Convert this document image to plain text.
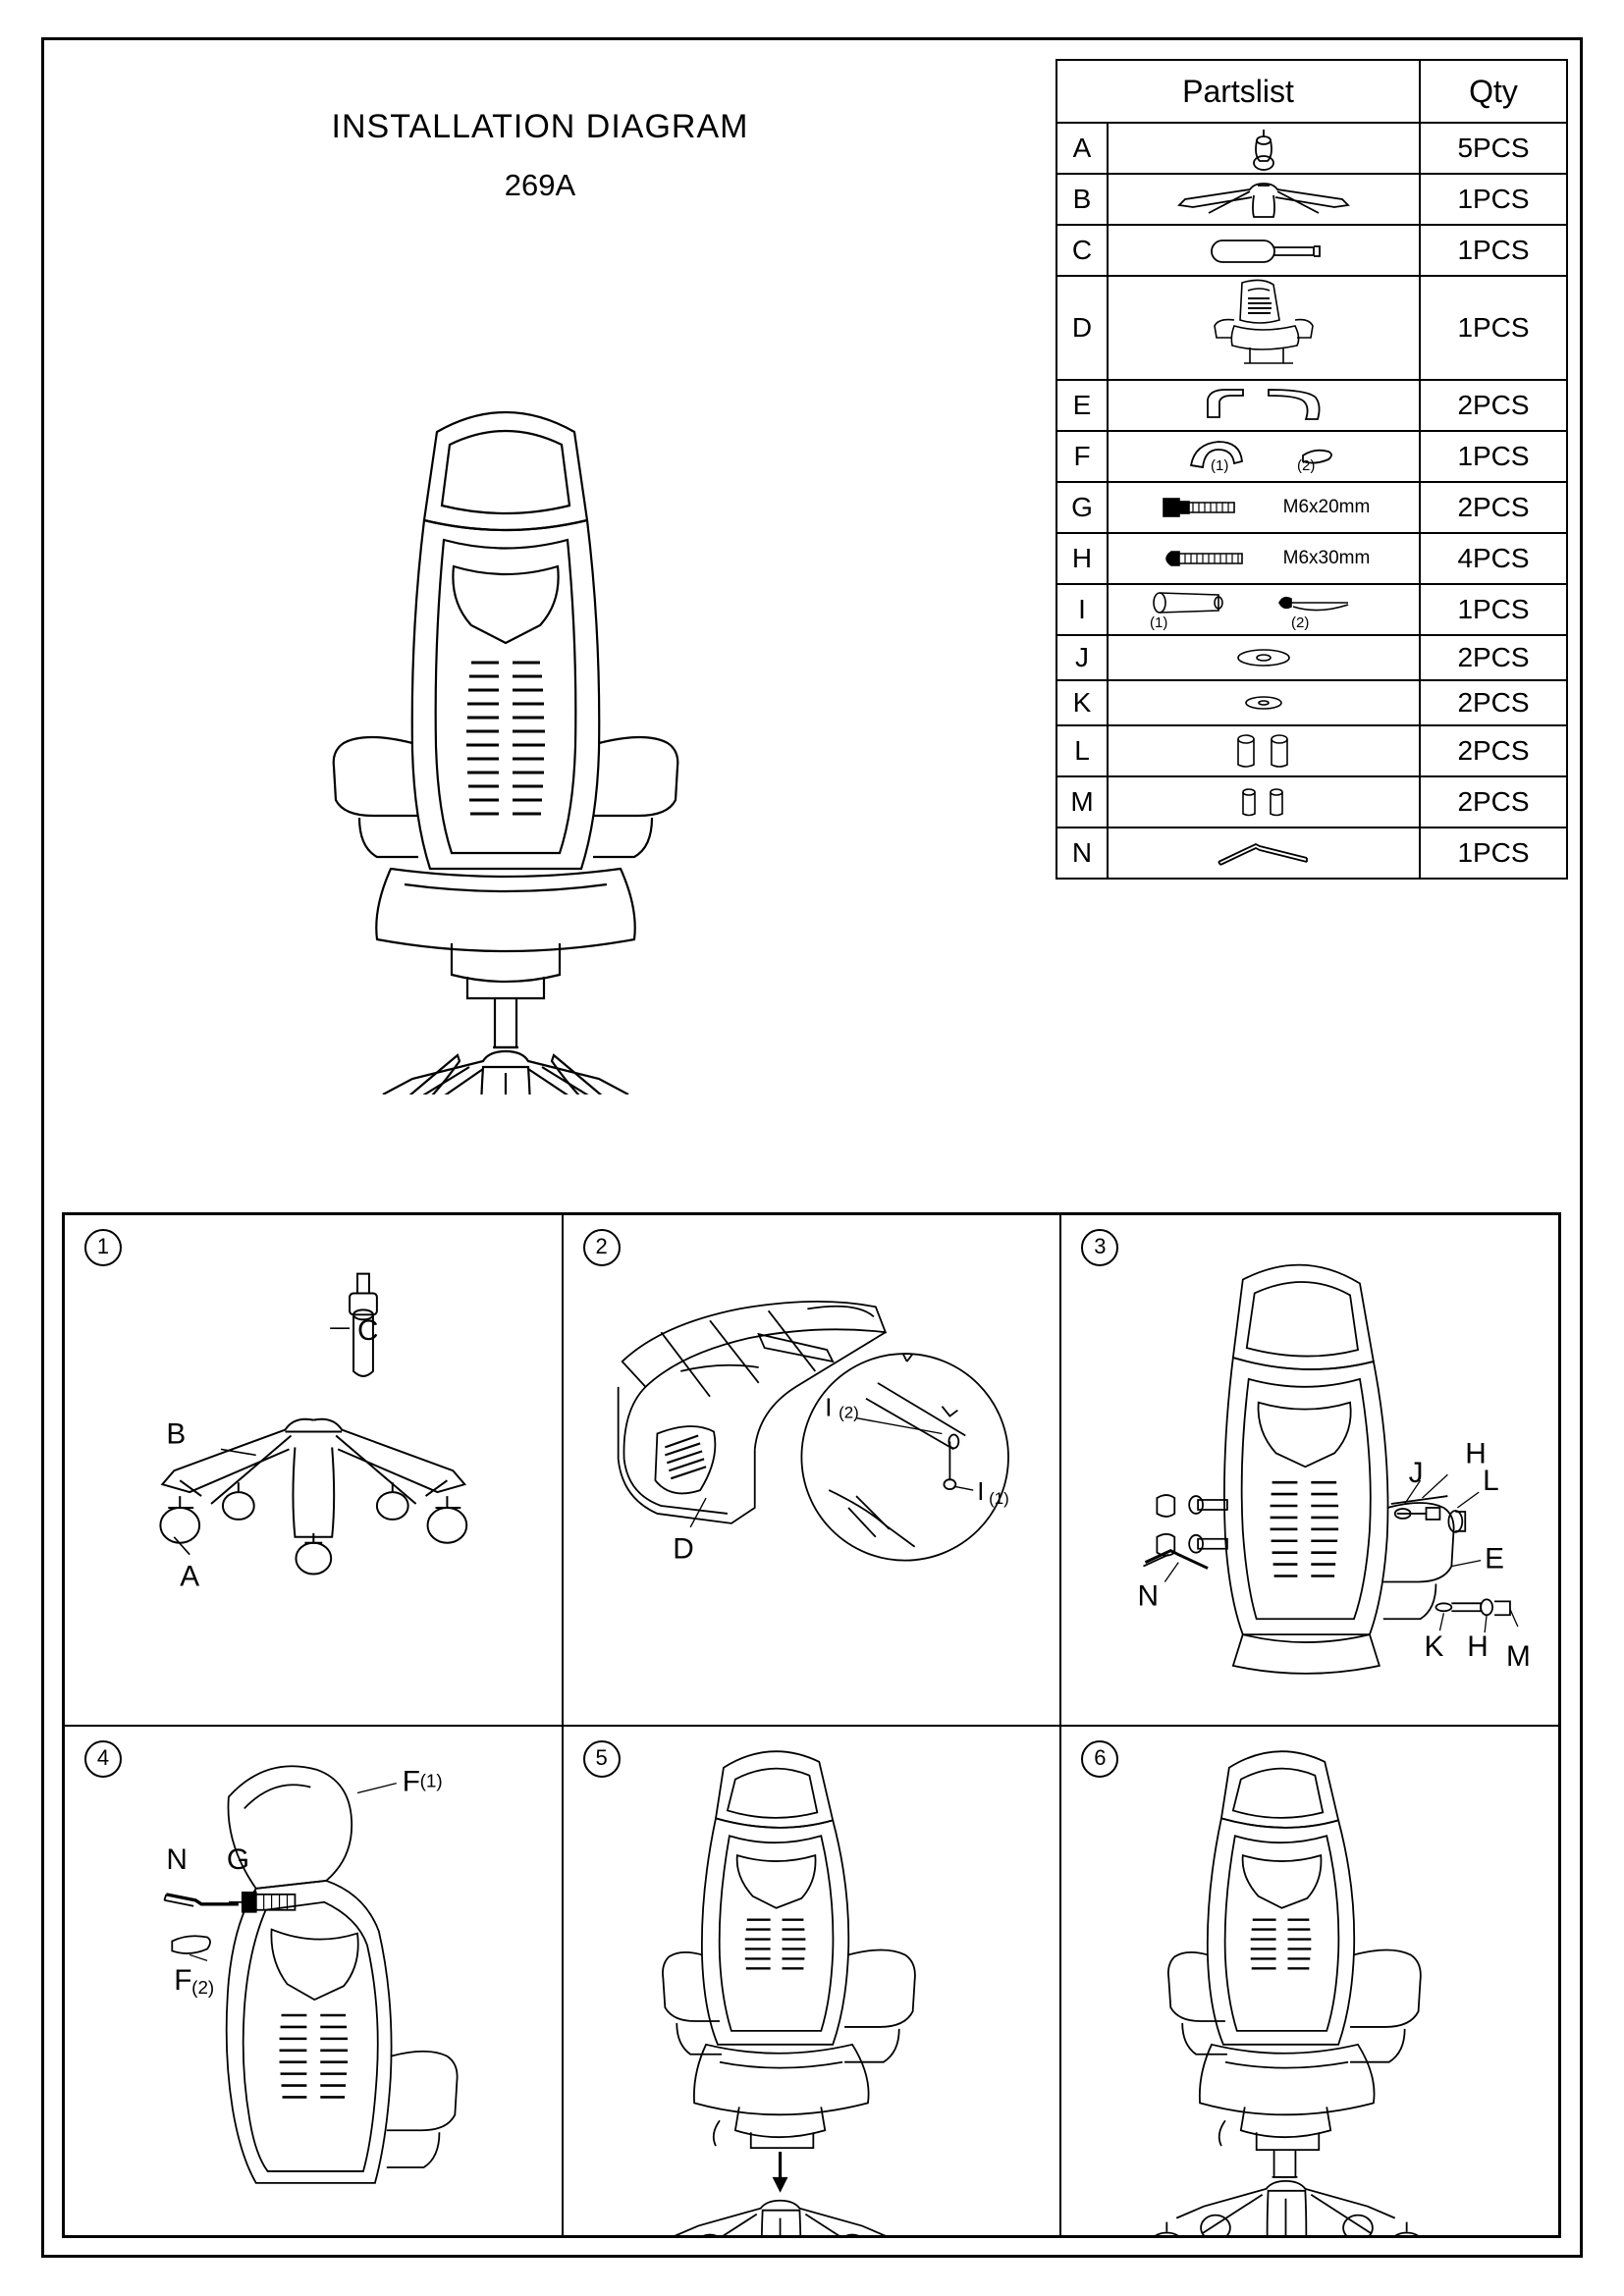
INSTALLATION DIAGRAM
269A
Partslist		Qty
A		5PCS
B		1PCS
C		1PCS
D		1PCS
E		2PCS
F	(1) (2)	1PCS
G	M6x20mm	2PCS
H	M6x30mm	4PCS
I	(1) (2)	1PCS
J		2PCS
K		2PCS
L		2PCS
M		2PCS
N		1PCS
1
B
C
A
2
D
I (2)
I (1)
3
H
J L
E
N
K H M
4
F (1)
N G
F (2)
5	6
